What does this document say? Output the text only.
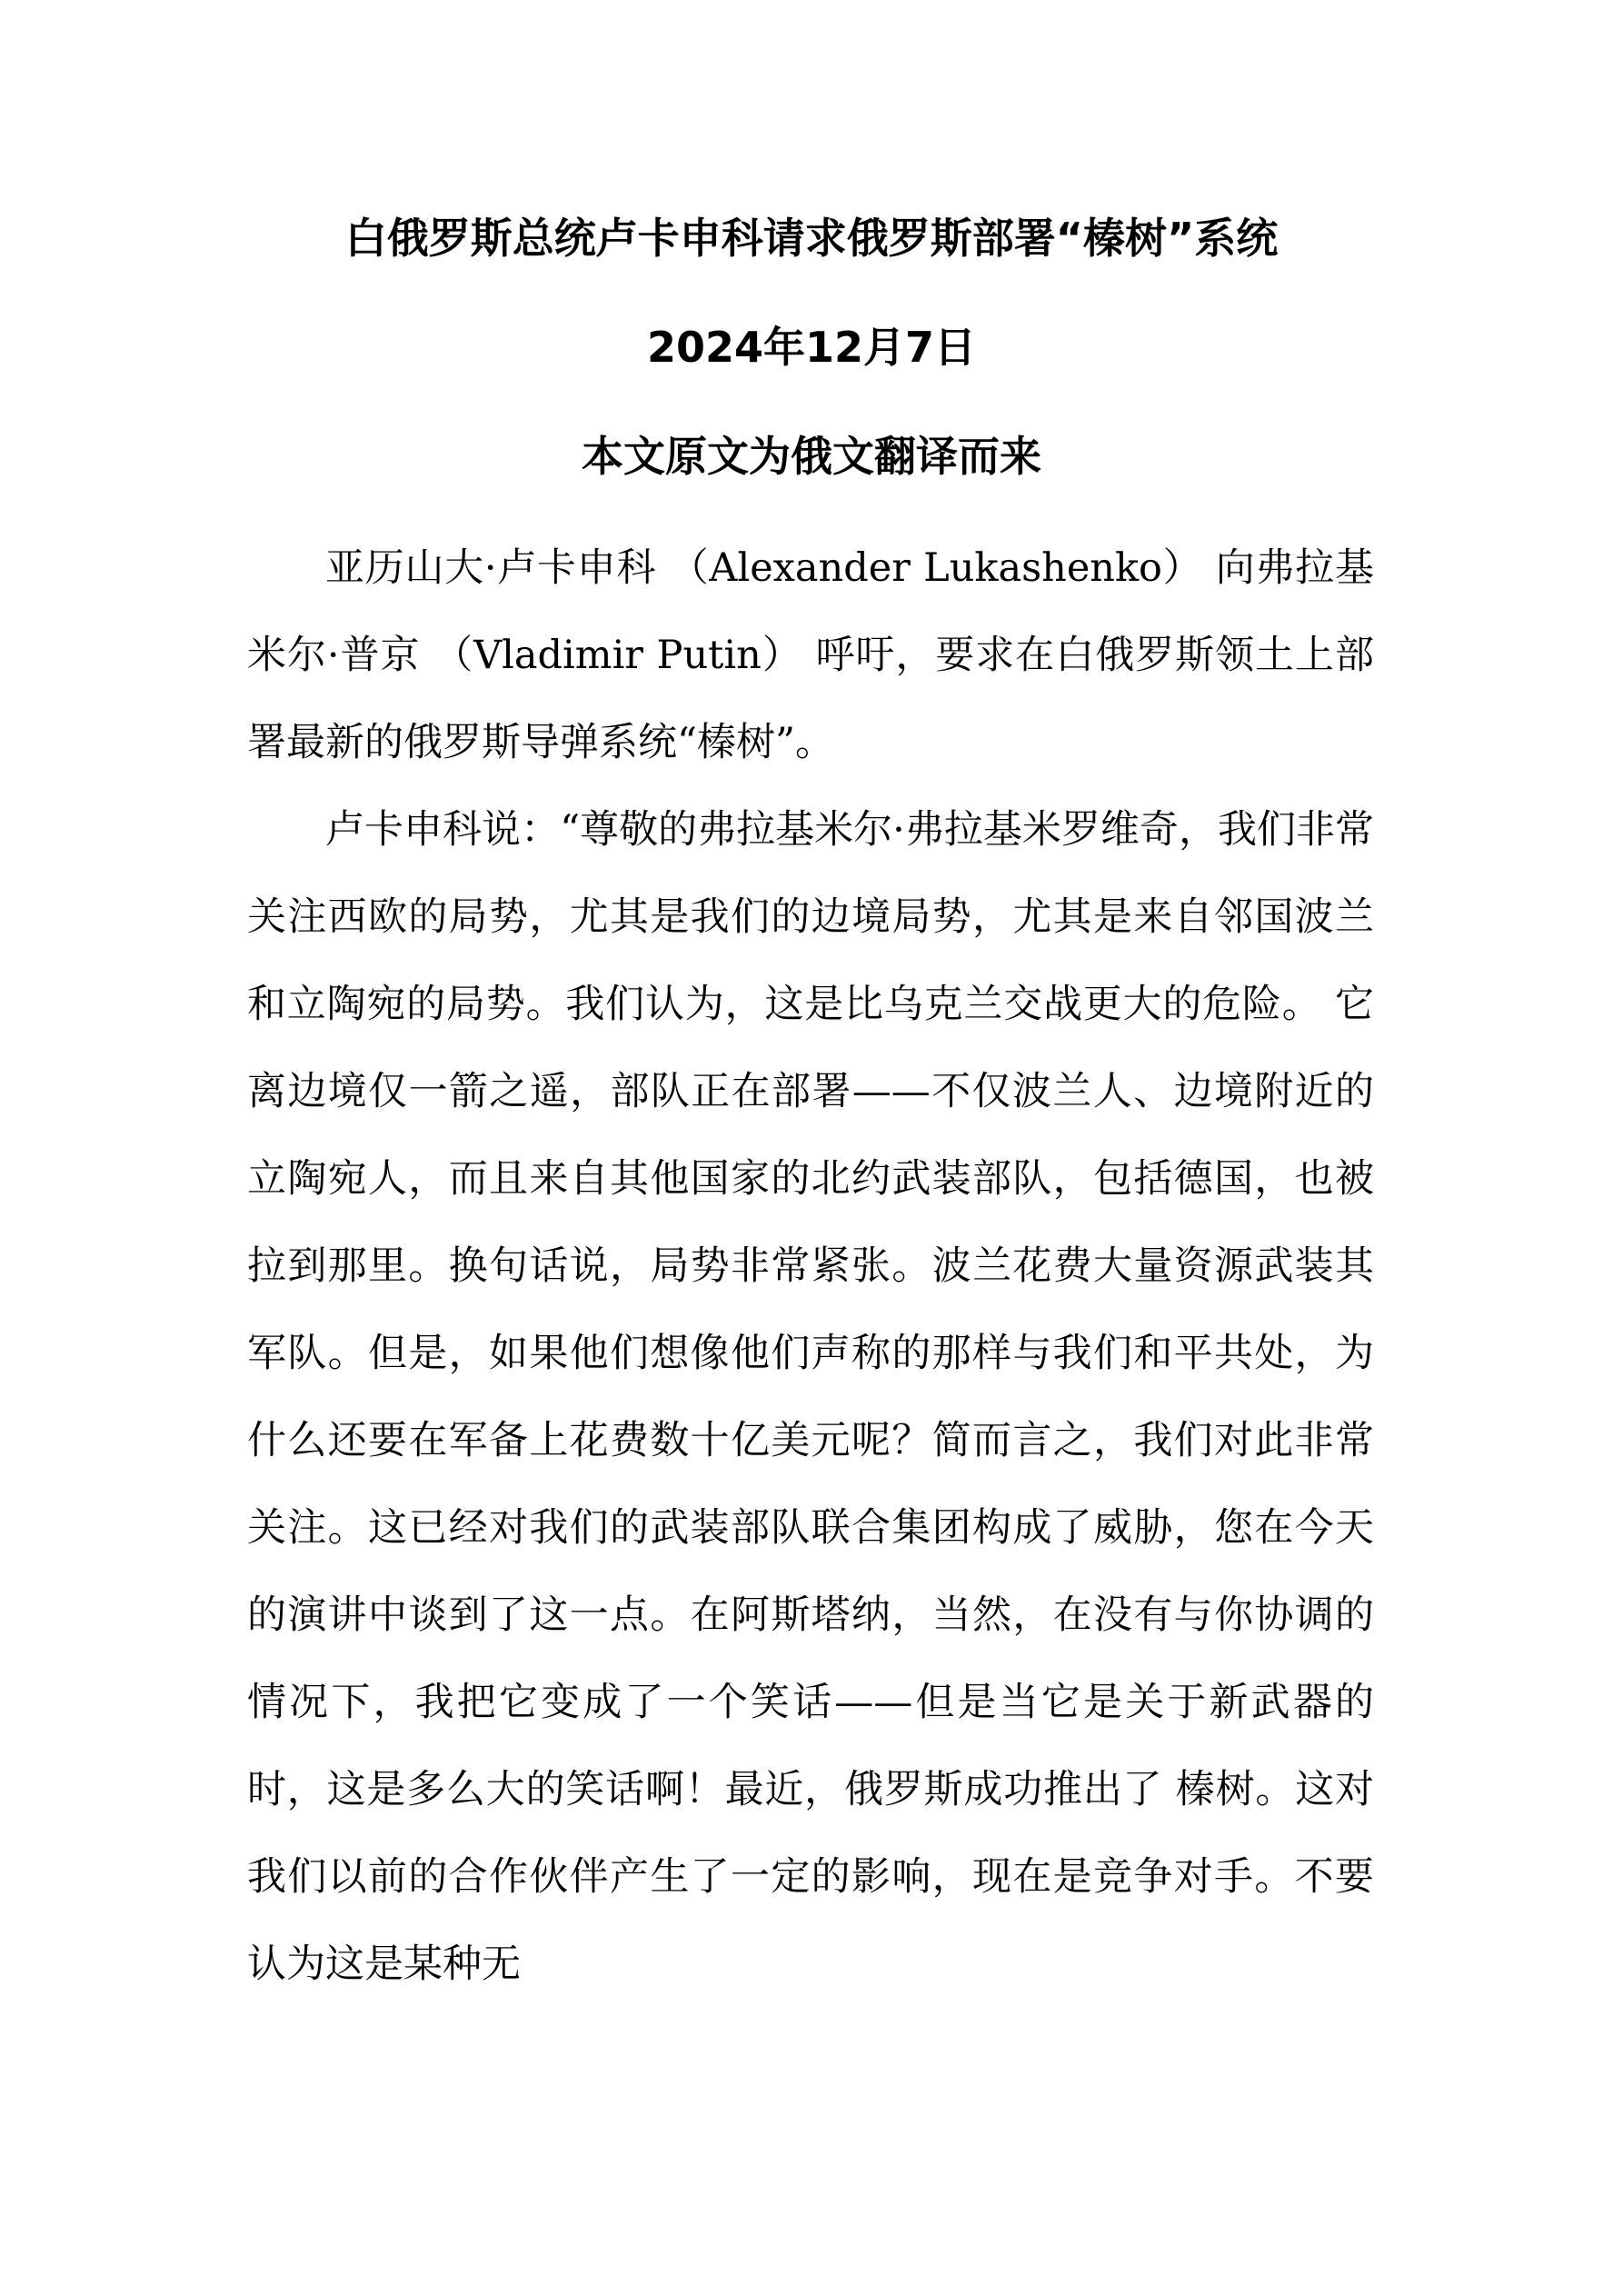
白俄罗斯总统卢卡申科请求俄罗斯部署“榛树”系统
2024年12月7日
本文原文为俄文翻译而来

亚历山大·卢卡申科 （Alexander Lukashenko） 向弗拉基米尔·普京 （Vladimir Putin） 呼吁，要求在白俄罗斯领土上部署最新的俄罗斯导弹系统“榛树”。

卢卡申科说：“尊敬的弗拉基米尔·弗拉基米罗维奇，我们非常关注西欧的局势，尤其是我们的边境局势，尤其是来自邻国波兰和立陶宛的局势。我们认为，这是比乌克兰交战更大的危险。 它离边境仅一箭之遥，部队正在部署——不仅波兰人、边境附近的立陶宛人，而且来自其他国家的北约武装部队，包括德国，也被拉到那里。换句话说，局势非常紧张。波兰花费大量资源武装其军队。但是，如果他们想像他们声称的那样与我们和平共处，为什么还要在军备上花费数十亿美元呢？简而言之，我们对此非常关注。这已经对我们的武装部队联合集团构成了威胁，您在今天的演讲中谈到了这一点。在阿斯塔纳，当然，在没有与你协调的情况下，我把它变成了一个笑话——但是当它是关于新武器的时，这是多么大的笑话啊！最近，俄罗斯成功推出了 榛树。这对我们以前的合作伙伴产生了一定的影响，现在是竞争对手。不要认为这是某种无
